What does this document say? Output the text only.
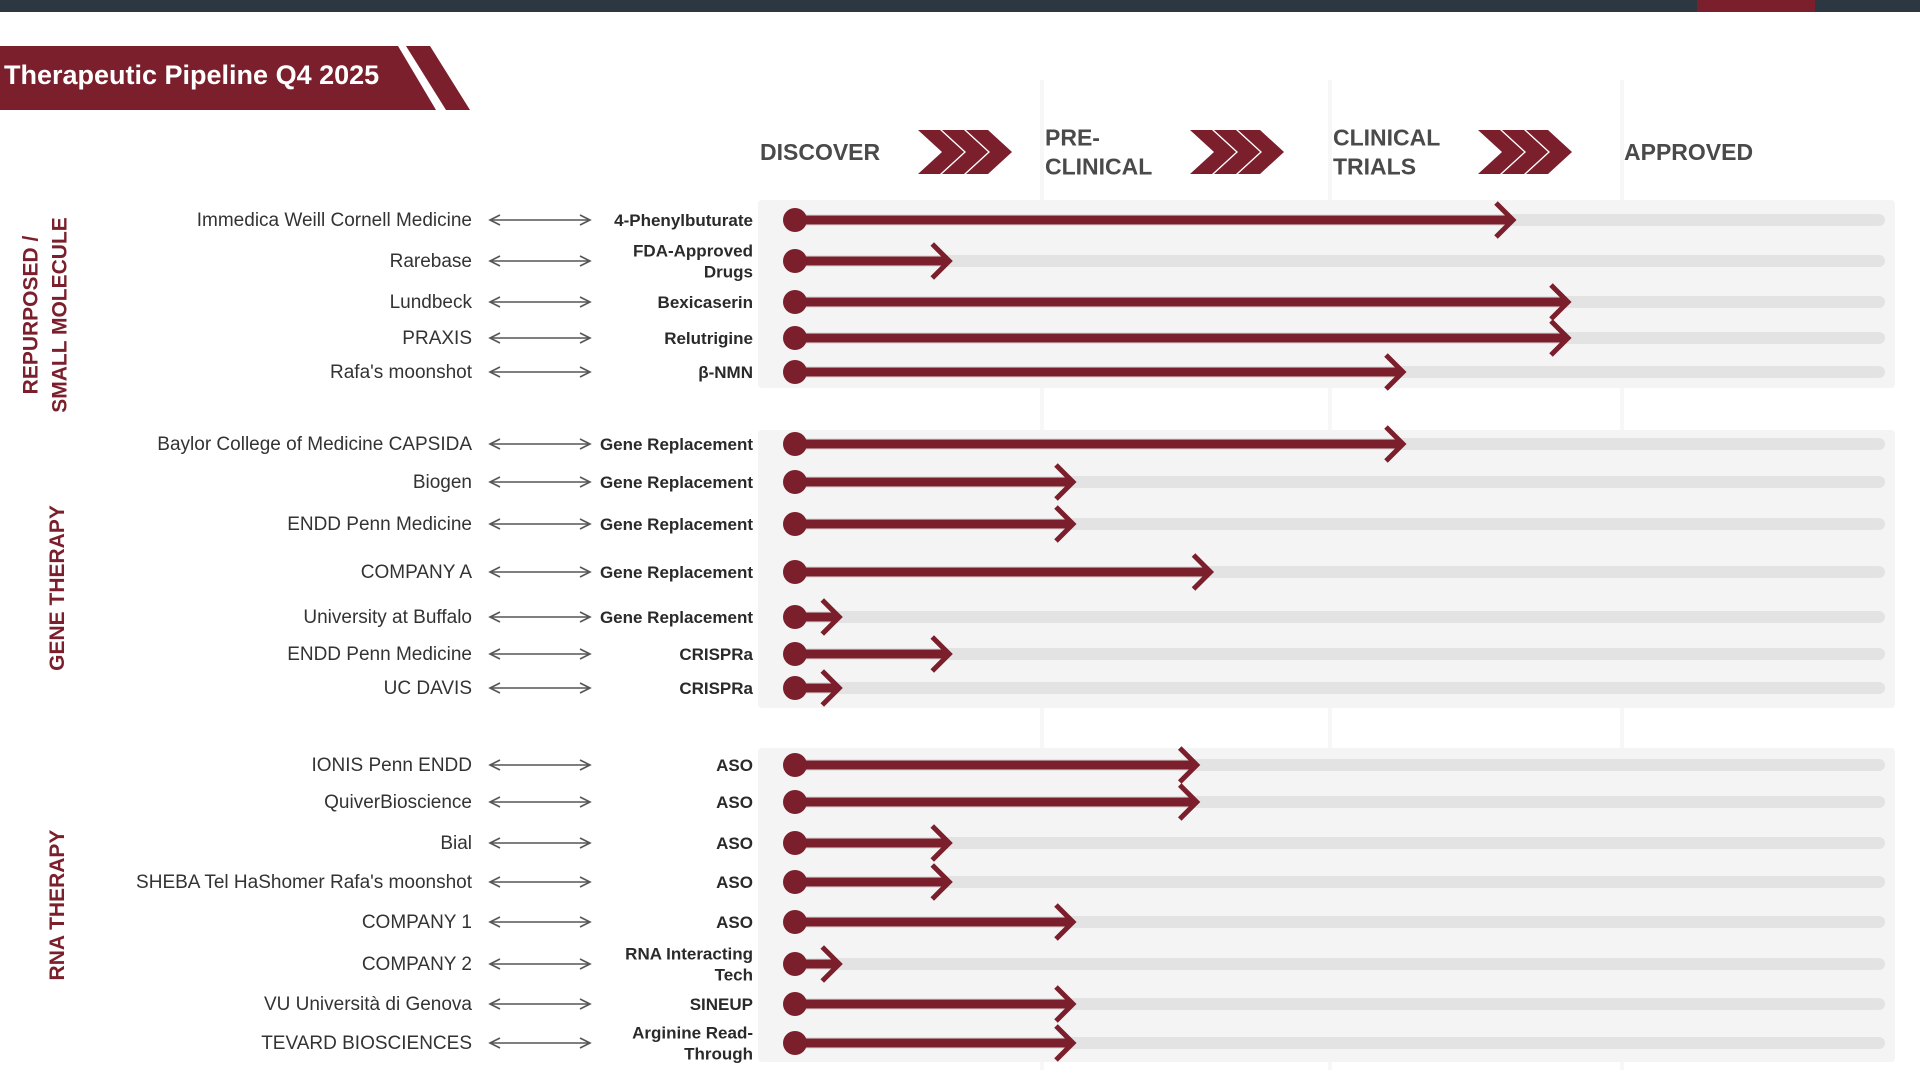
Therapeutic Pipeline Q4 2025
DISCOVER
PRE-CLINICAL
CLINICAL TRIALS
APPROVED
REPURPOSED / SMALL MOLECULE
GENE THERAPY
RNA THERAPY
Immedica Weill Cornell Medicine	4-Phenylbuturate
Rarebase	FDA-Approved Drugs
Lundbeck	Bexicaserin
PRAXIS	Relutrigine
Rafa's moonshot	β-NMN
Baylor College of Medicine CAPSIDA	Gene Replacement
Biogen	Gene Replacement
ENDD Penn Medicine	Gene Replacement
COMPANY A	Gene Replacement
University at Buffalo	Gene Replacement
ENDD Penn Medicine	CRISPRa
UC DAVIS	CRISPRa
IONIS Penn ENDD	ASO
QuiverBioscience	ASO
Bial	ASO
SHEBA Tel HaShomer Rafa's moonshot	ASO
COMPANY 1	ASO
COMPANY 2	RNA Interacting Tech
VU Università di Genova	SINEUP
TEVARD BIOSCIENCES	Arginine Read-Through
